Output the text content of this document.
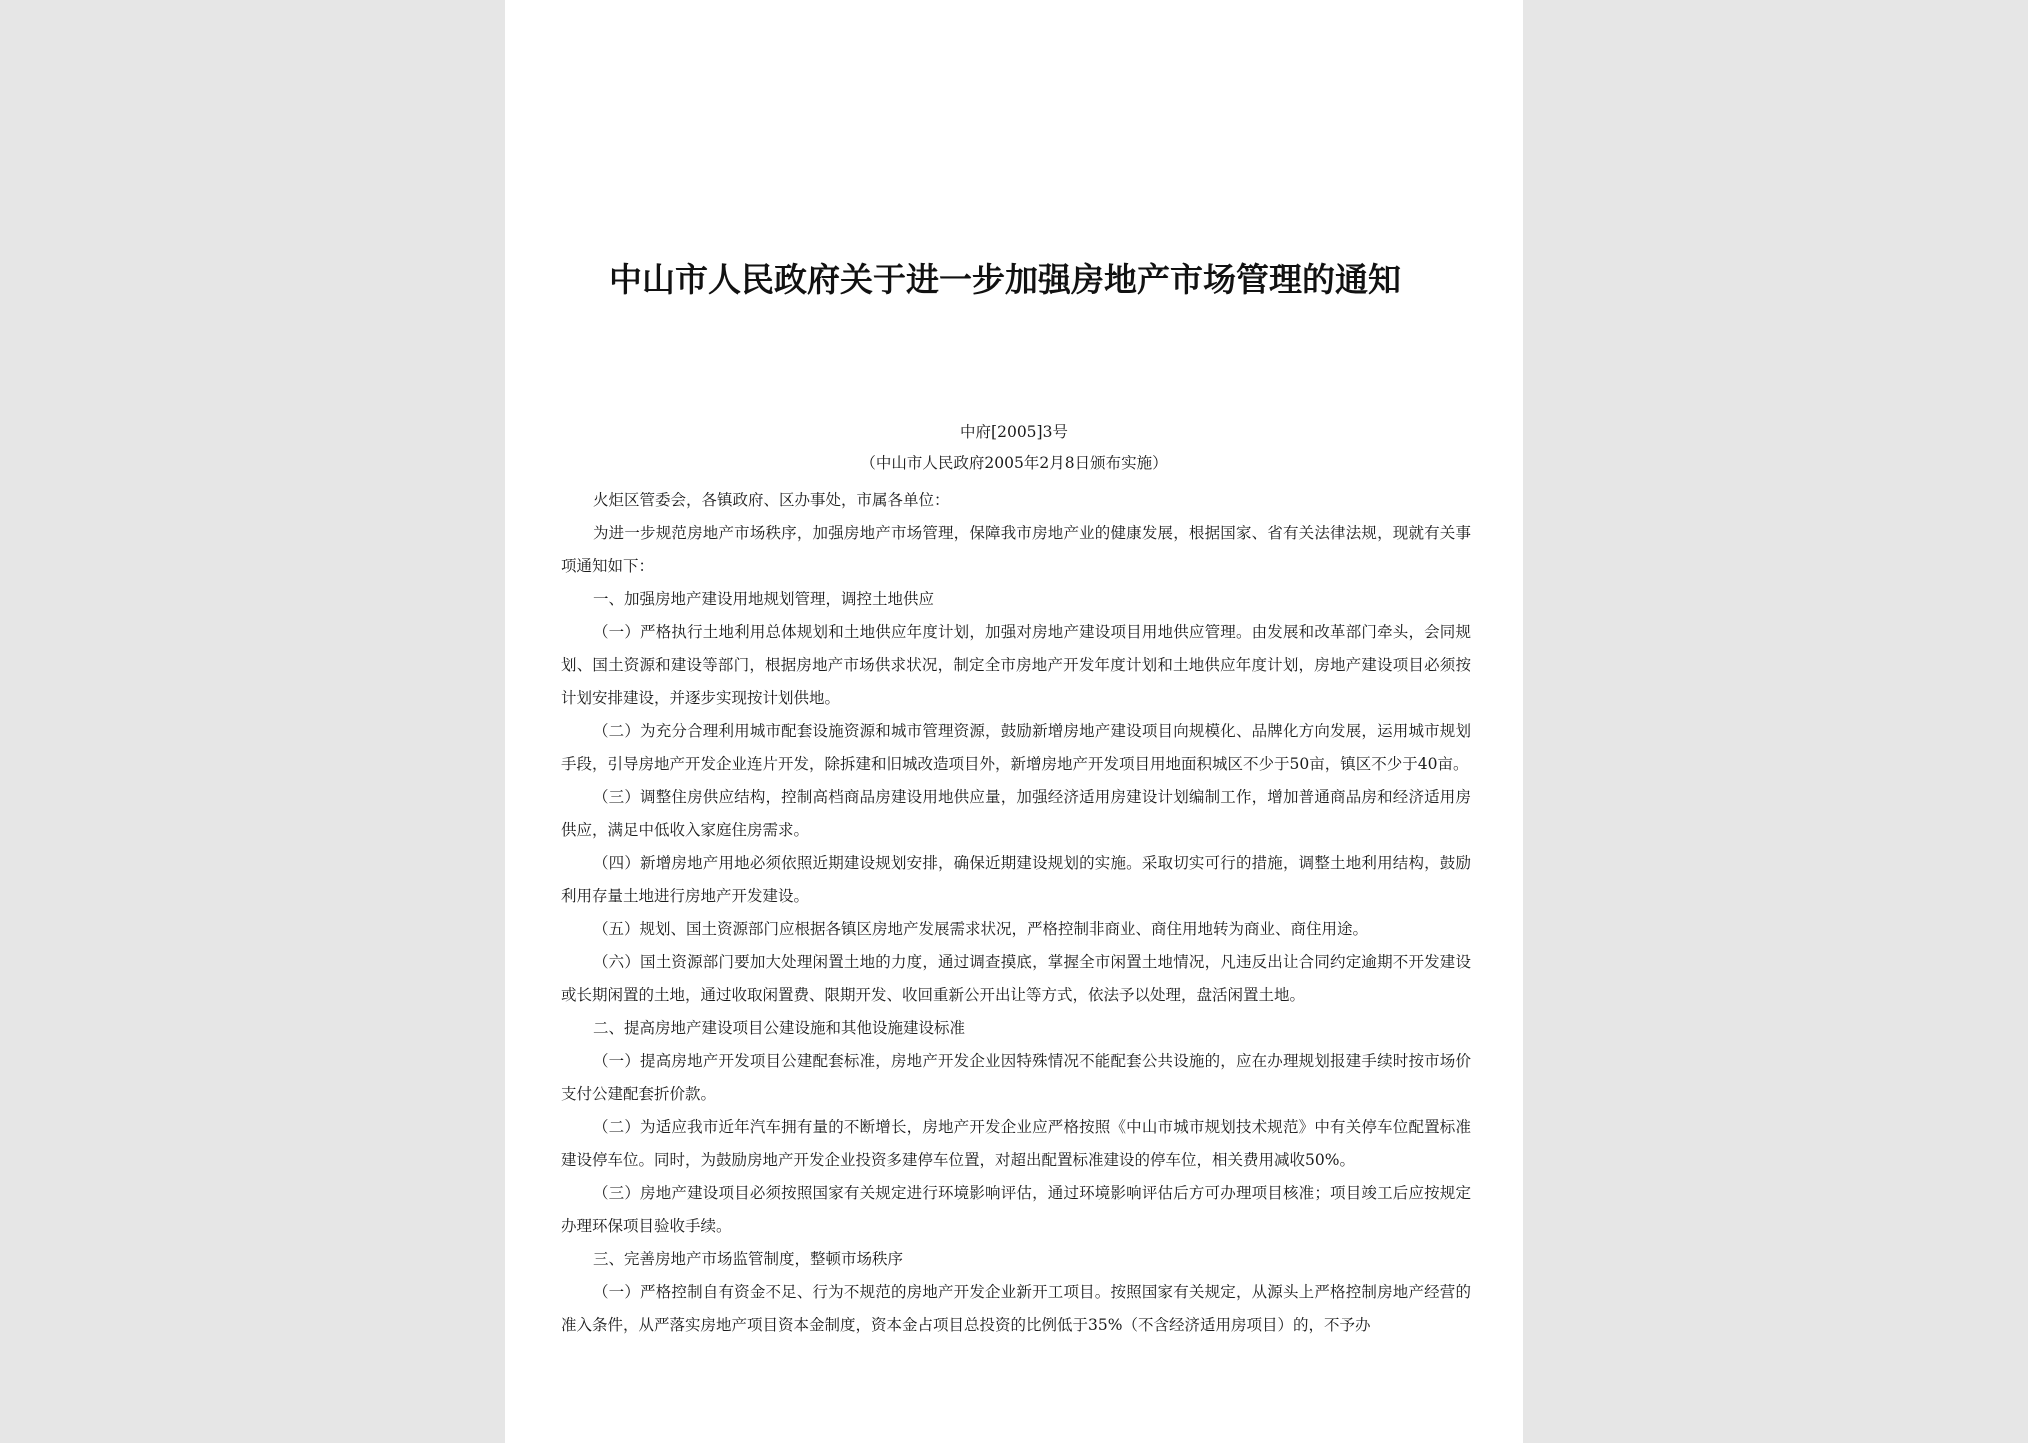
中山市人民政府关于进一步加强房地产市场管理的通知
中府[2005]3号
（中山市人民政府2005年2月8日颁布实施）

火炬区管委会，各镇政府、区办事处，市属各单位：

为进一步规范房地产市场秩序，加强房地产市场管理，保障我市房地产业的健康发展，根据国家、省有关法律法规，现就有关事项通知如下：

一、加强房地产建设用地规划管理，调控土地供应

（一）严格执行土地利用总体规划和土地供应年度计划，加强对房地产建设项目用地供应管理。由发展和改革部门牵头，会同规划、国土资源和建设等部门，根据房地产市场供求状况，制定全市房地产开发年度计划和土地供应年度计划，房地产建设项目必须按计划安排建设，并逐步实现按计划供地。

（二）为充分合理利用城市配套设施资源和城市管理资源，鼓励新增房地产建设项目向规模化、品牌化方向发展，运用城市规划手段，引导房地产开发企业连片开发，除拆建和旧城改造项目外，新增房地产开发项目用地面积城区不少于50亩，镇区不少于40亩。

（三）调整住房供应结构，控制高档商品房建设用地供应量，加强经济适用房建设计划编制工作，增加普通商品房和经济适用房供应，满足中低收入家庭住房需求。

（四）新增房地产用地必须依照近期建设规划安排，确保近期建设规划的实施。采取切实可行的措施，调整土地利用结构，鼓励利用存量土地进行房地产开发建设。

（五）规划、国土资源部门应根据各镇区房地产发展需求状况，严格控制非商业、商住用地转为商业、商住用途。

（六）国土资源部门要加大处理闲置土地的力度，通过调查摸底，掌握全市闲置土地情况，凡违反出让合同约定逾期不开发建设或长期闲置的土地，通过收取闲置费、限期开发、收回重新公开出让等方式，依法予以处理，盘活闲置土地。

二、提高房地产建设项目公建设施和其他设施建设标准

（一）提高房地产开发项目公建配套标准，房地产开发企业因特殊情况不能配套公共设施的，应在办理规划报建手续时按市场价支付公建配套折价款。

（二）为适应我市近年汽车拥有量的不断增长，房地产开发企业应严格按照《中山市城市规划技术规范》中有关停车位配置标准建设停车位。同时，为鼓励房地产开发企业投资多建停车位置，对超出配置标准建设的停车位，相关费用减收50%。

（三）房地产建设项目必须按照国家有关规定进行环境影响评估，通过环境影响评估后方可办理项目核准；项目竣工后应按规定办理环保项目验收手续。

三、完善房地产市场监管制度，整顿市场秩序

（一）严格控制自有资金不足、行为不规范的房地产开发企业新开工项目。按照国家有关规定，从源头上严格控制房地产经营的准入条件，从严落实房地产项目资本金制度，资本金占项目总投资的比例低于35%（不含经济适用房项目）的，不予办
